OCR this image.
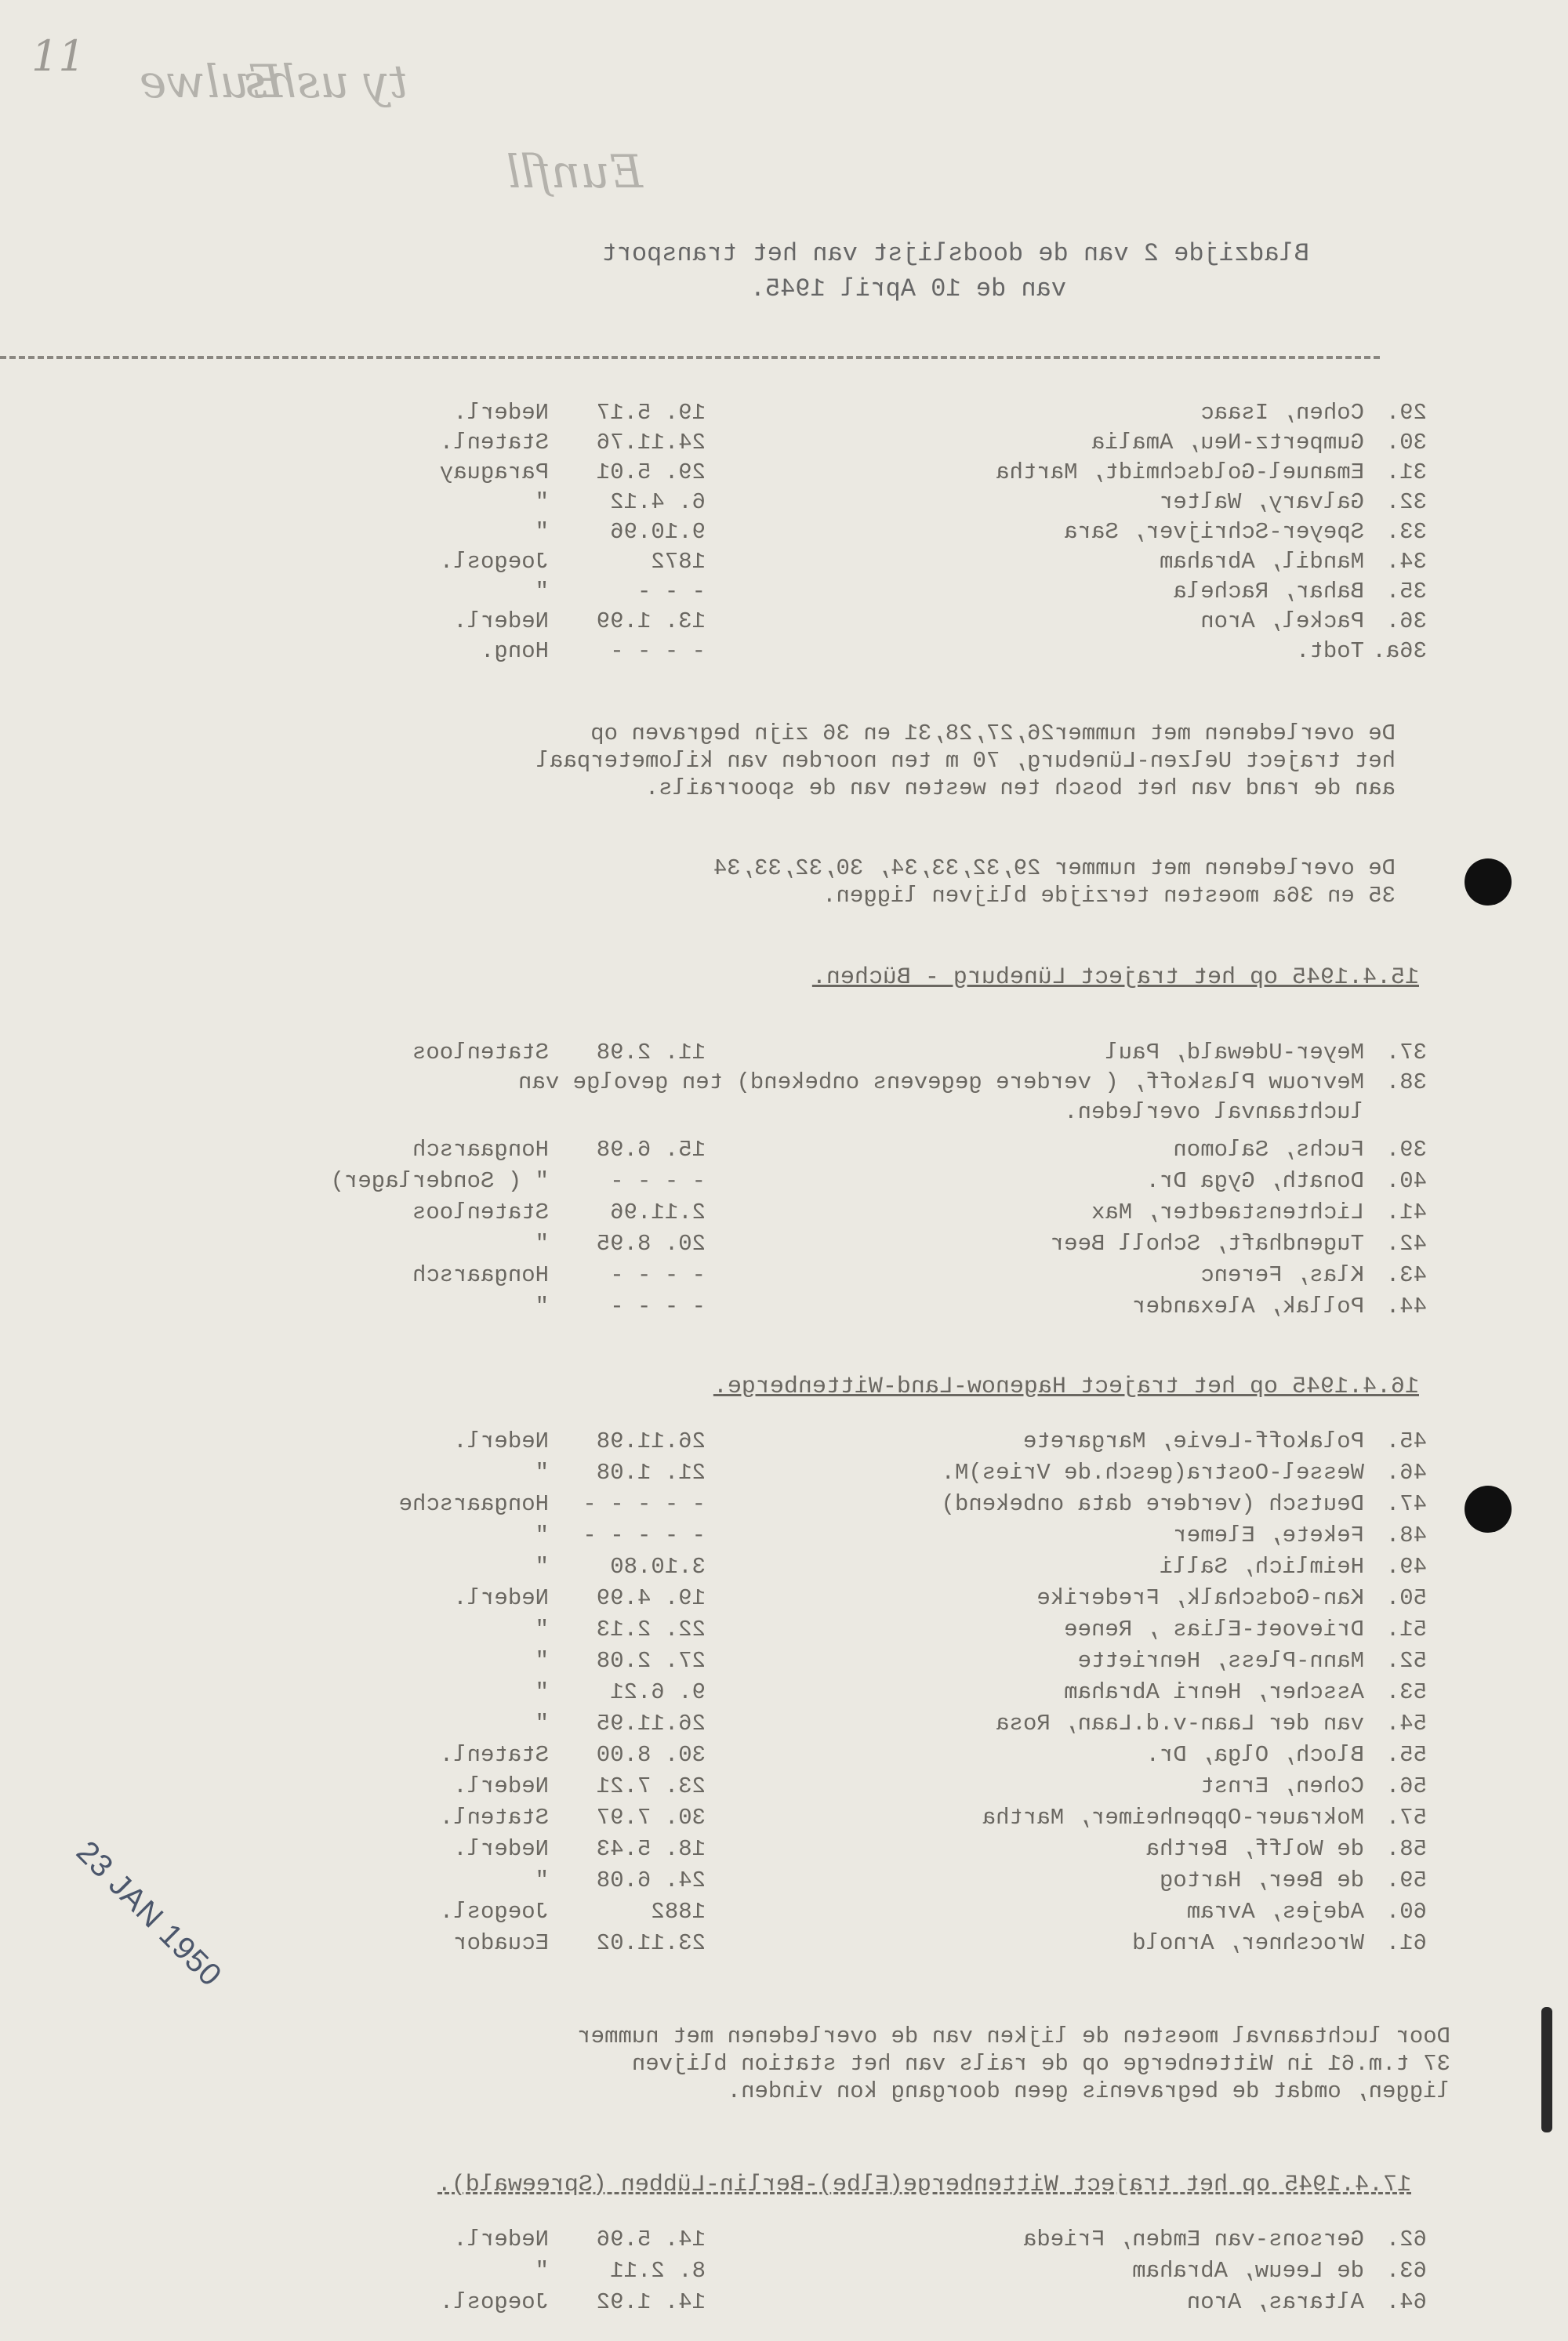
11 Eulwe
ty ushs
Eunfll
Bladzijde 2 van de doodslijst van het transport
van de 10 April 1945.
29.
Cohen, Isaac
19. 5.17
Nederl.
30.
Gumpertz-Neu, Amalia
24.11.76
Statenl.
31.
Emanuel-Goldschmidt, Martha
29. 5.01
Paraguay
32.
Galvary, Walter
6. 4.12
"
33.
Speyer-Schrijver, Sara
9.10.96
"
34.
Mandil, Abraham
1872
Joegosl.
35.
Bahar, Rachela
- - -
"
36.
Packel, Aron
13. 1.99
Nederl.
36a.
Todt.
- - - -
Hong.
De overledenen met nummer26,27,28,31 en 36 zijn begraven op
het traject Uelzen-Lüneburg, 70 m ten noorden van kilometerpaal
aan de rand van het bosch ten westen van de spoorrails.
De overledenen met nummer 29,32,33,34, 30,32,33,34
35 en 36a moesten terzijde blijven liggen.
15.4.1945 op het traject Lüneburg - Büchen.
37.
Meyer-Udewald, Paul
11. 2.98
Statenloos
38.
Mevrouw Plaskoff, ( verdere gegevens onbekend) ten gevolge van
luchtaanval overleden.
39.
Fuchs, Salomon
15. 6.98
Hongaarsch
40.
Donath, Gyga Dr.
- - - -
" ( Sonderlager)
41.
Lichtenstaedter, Max
2.11.96
Statenloos
42.
Tugendhaft, Scholl Beer
20. 8.95
"
43.
Klas, Ferenc
- - - -
Hongaarsch
44.
Pollak, Alexander
- - - -
"
16.4.1945 op het traject Hagenow-Land-Wittenberge.
45.
Polakoff-Levie, Margarete
26.11.98
Nederl.
46.
Wessel-Oostra(gesch.de Vries)M.
21. 1.08
"
47.
Deutsch (verdere data onbekend)
- - - - -
Hongaarsche
48.
Fekete, Elemer
- - - - -
"
49.
Heimlich, Salli
3.10.80
"
50.
Kan-Godschalk, Frederike
19. 4.99
Nederl.
51.
Drievoet-Elias , Renee
22. 2.13
"
52.
Mann-Pless, Henriette
27. 2.08
"
53.
Asscher, Henri Abraham
9. 6.21
"
54.
van der Laan-v.d.Laan, Rosa
26.11.95
"
55.
Bloch, Olga, Dr.
30. 8.00
Statenl.
56.
Cohen, Ernst
23. 7.21
Nederl.
57.
Mokrauer-Oppenheimer, Martha
30. 7.97
Statenl.
58.
de Wolff, Bertha
18. 5.43
Nederl.
59.
de Beer, Hartog
24. 6.08
"
60.
Adejes, Avram
1882
Joegosl.
61.
Wrocshner, Arnold
23.11.02
Ecuador
Door luchtaanval moesten de lijken van de overledenen met nummer
37 t.m.61 in Wittenberge op de rails van het station blijven
liggen, omdat de begravenis geen doorgang kon vinden.
17.4.1945 op het traject Wittenberge(Elbe)-Berlin-Lübben (Spreewald).
62.
Gersons-van Emden, Frieda
14. 5.96
Nederl.
63.
de Leeuw, Abraham
8. 2.11
"
64.
Altaras, Aron
14. 1.92
Joegosl.
23 JAN 1950
